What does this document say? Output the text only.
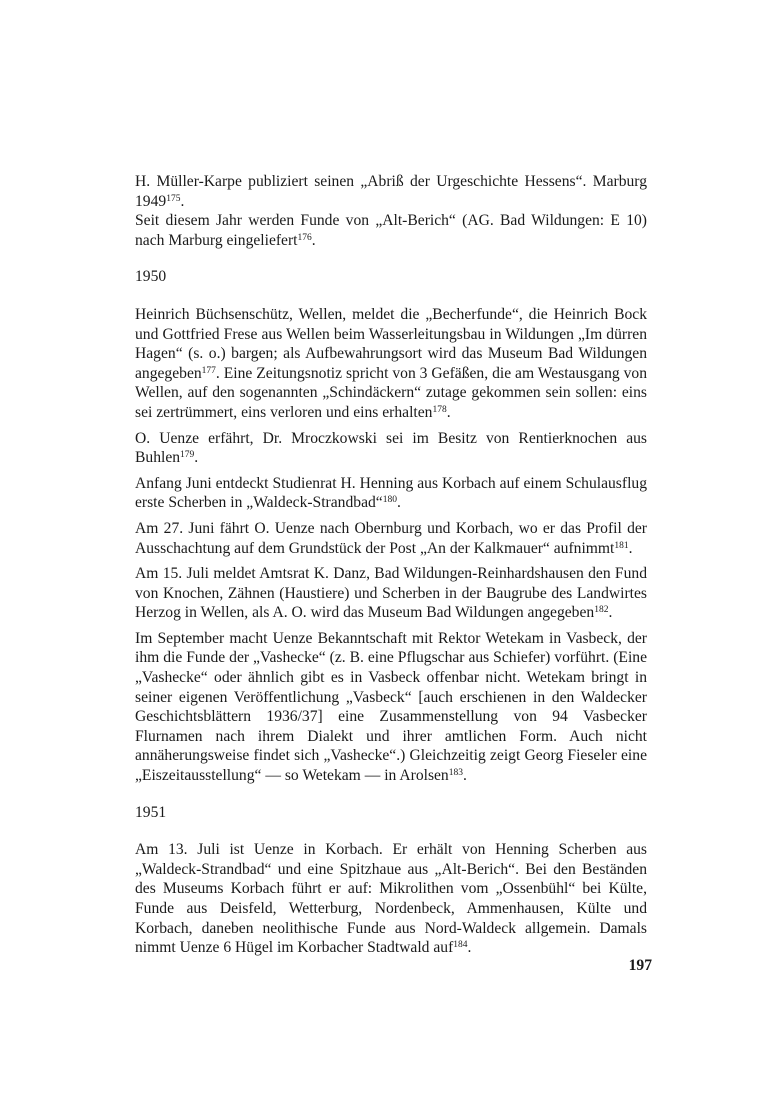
H. Müller-Karpe publiziert seinen „Abriß der Urgeschichte Hessens“. Marburg 1949$^{175}$.

Seit diesem Jahr werden Funde von „Alt-Berich“ (AG. Bad Wildungen: E 10) nach Marburg eingeliefert$^{176}$.

1950

Heinrich Büchsenschütz, Wellen, meldet die „Becherfunde“, die Heinrich Bock und Gottfried Frese aus Wellen beim Wasserleitungsbau in Wildungen „Im dürren Hagen“ (s. o.) bargen; als Aufbewahrungsort wird das Museum Bad Wildungen angegeben$^{177}$. Eine Zeitungsnotiz spricht von 3 Gefäßen, die am Westausgang von Wellen, auf den sogenannten „Schindäckern“ zutage gekommen sein sollen: eins sei zertrümmert, eins verloren und eins erhalten$^{178}$.

O. Uenze erfährt, Dr. Mroczkowski sei im Besitz von Rentierknochen aus Buhlen$^{179}$.

Anfang Juni entdeckt Studienrat H. Henning aus Korbach auf einem Schulausflug erste Scherben in „Waldeck-Strandbad“$^{180}$.

Am 27. Juni fährt O. Uenze nach Obernburg und Korbach, wo er das Profil der Ausschachtung auf dem Grundstück der Post „An der Kalkmauer“ aufnimmt$^{181}$.

Am 15. Juli meldet Amtsrat K. Danz, Bad Wildungen-Reinhardshausen den Fund von Knochen, Zähnen (Haustiere) und Scherben in der Baugrube des Landwirtes Herzog in Wellen, als A. O. wird das Museum Bad Wildungen angegeben$^{182}$.

Im September macht Uenze Bekanntschaft mit Rektor Wetekam in Vasbeck, der ihm die Funde der „Vashecke“ (z. B. eine Pflugschar aus Schiefer) vorführt. (Eine „Vashecke“ oder ähnlich gibt es in Vasbeck offenbar nicht. Wetekam bringt in seiner eigenen Veröffentlichung „Vasbeck“ [auch erschienen in den Waldecker Geschichtsblättern 1936/37] eine Zusammenstellung von 94 Vasbecker Flurnamen nach ihrem Dialekt und ihrer amtlichen Form. Auch nicht annäherungsweise findet sich „Vashecke“.) Gleichzeitig zeigt Georg Fieseler eine „Eiszeitausstellung“ — so Wetekam — in Arolsen$^{183}$.

1951

Am 13. Juli ist Uenze in Korbach. Er erhält von Henning Scherben aus „Waldeck-Strandbad“ und eine Spitzhaue aus „Alt-Berich“. Bei den Beständen des Museums Korbach führt er auf: Mikrolithen vom „Ossenbühl“ bei Külte, Funde aus Deisfeld, Wetterburg, Nordenbeck, Ammenhausen, Külte und Korbach, daneben neolithische Funde aus Nord-Waldeck allgemein. Damals nimmt Uenze 6 Hügel im Korbacher Stadtwald auf$^{184}$.

197
